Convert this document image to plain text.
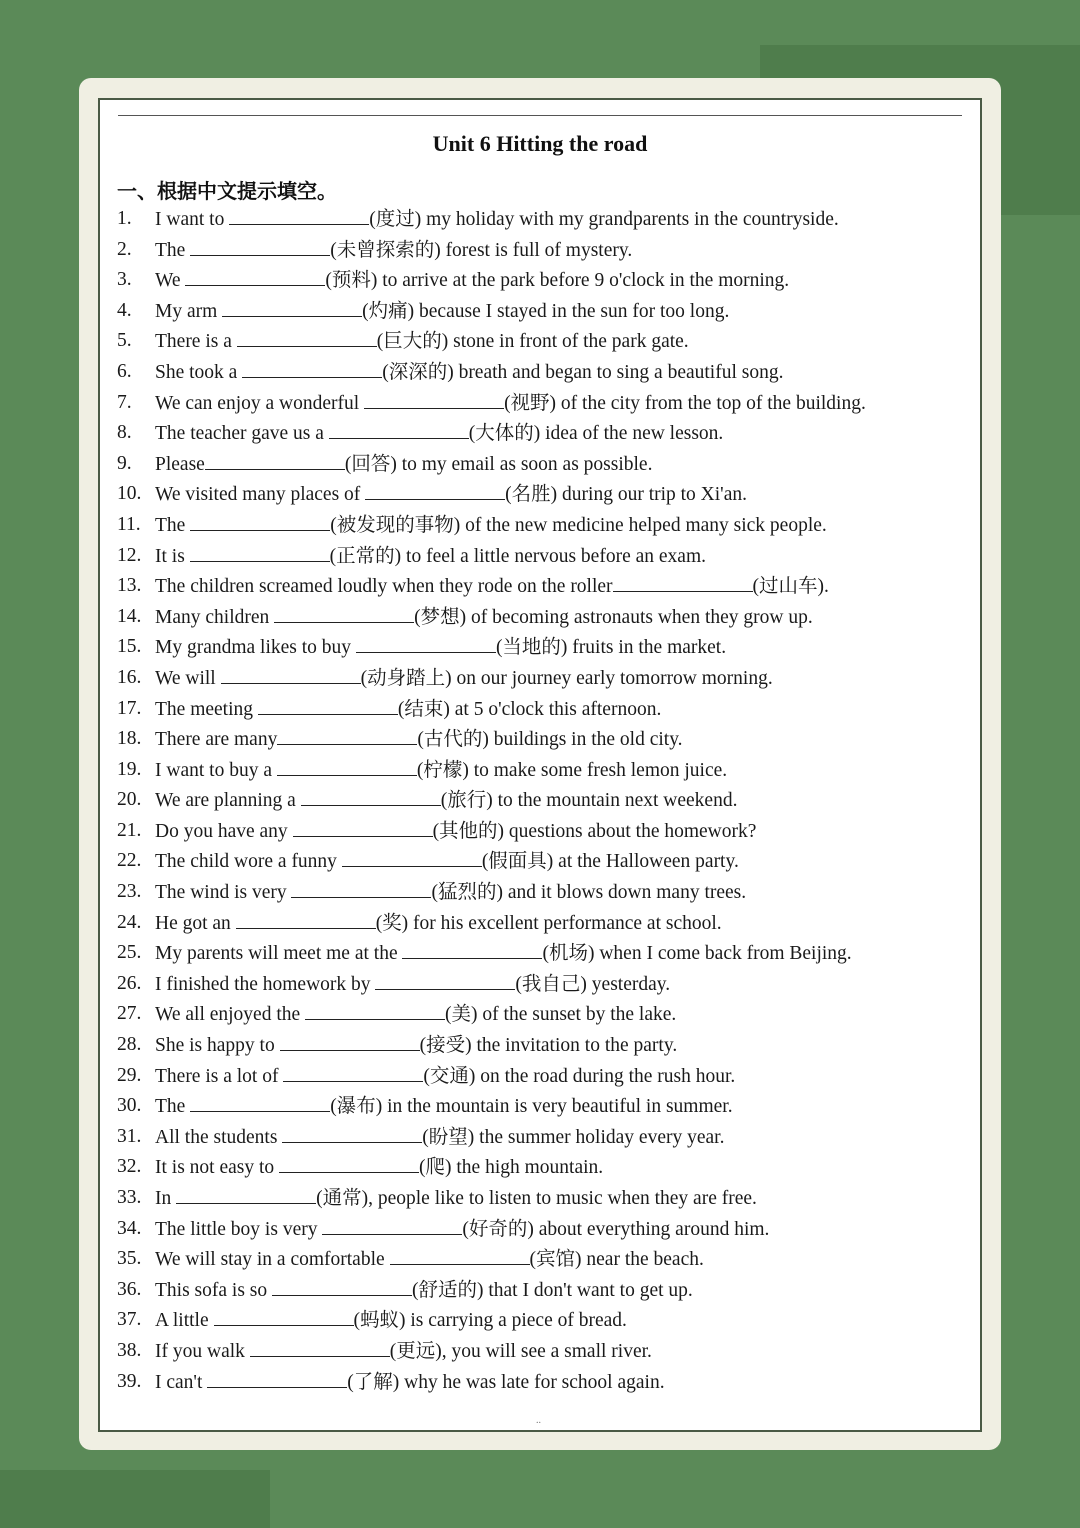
Unit 6 Hitting the road
一、根据中文提示填空。
1.	I want to	(度过) my holiday with my grandparents in the countryside.
2.	The	(未曾探索的) forest is full of mystery.
3.	We	(预料) to arrive at the park before 9 o'clock in the morning.
4.	My arm	(灼痛) because I stayed in the sun for too long.
5.	There is a	(巨大的) stone in front of the park gate.
6.	She took a	(深深的) breath and began to sing a beautiful song.
7.	We can enjoy a wonderful	(视野) of the city from the top of the building.
8.	The teacher gave us a	(大体的) idea of the new lesson.
9.	Please	(回答) to my email as soon as possible.
10. We visited many places of	(名胜) during our trip to Xi'an.
11. The	(被发现的事物) of the new medicine helped many sick people.
12. It is	(正常的) to feel a little nervous before an exam.
13. The children screamed loudly when they rode on the roller	(过山车).
14. Many children	(梦想) of becoming astronauts when they grow up.
15. My grandma likes to buy	(当地的) fruits in the market.
16. We will	(动身踏上) on our journey early tomorrow morning.
17. The meeting	(结束) at 5 o'clock this afternoon.
18. There are many	(古代的) buildings in the old city.
19. I want to buy a	(柠檬) to make some fresh lemon juice.
20. We are planning a	(旅行) to the mountain next weekend.
21. Do you have any	(其他的) questions about the homework?
22. The child wore a funny	(假面具) at the Halloween party.
23. The wind is very	(猛烈的) and it blows down many trees.
24. He got an	(奖) for his excellent performance at school.
25. My parents will meet me at the	(机场) when I come back from Beijing.
26. I finished the homework by	(我自己) yesterday.
27. We all enjoyed the	(美) of the sunset by the lake.
28. She is happy to	(接受) the invitation to the party.
29. There is a lot of	(交通) on the road during the rush hour.
30. The	(瀑布) in the mountain is very beautiful in summer.
31. All the students	(盼望) the summer holiday every year.
32. It is not easy to	(爬) the high mountain.
33. In	(通常), people like to listen to music when they are free.
34. The little boy is very	(好奇的) about everything around him.
35. We will stay in a comfortable	(宾馆) near the beach.
36. This sofa is so	(舒适的) that I don't want to get up.
37. A little	(蚂蚁) is carrying a piece of bread.
38. If you walk	(更远), you will see a small river.
39. I can't	(了解) why he was late for school again.
..
